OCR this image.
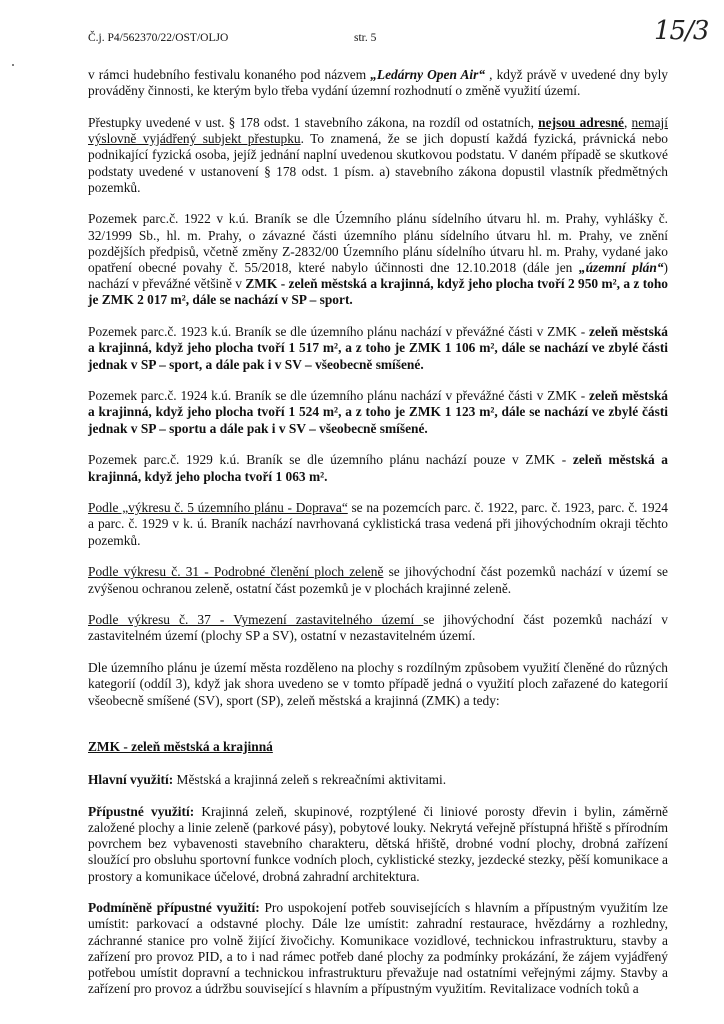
Č.j. P4/562370/22/OST/OLJO	str. 5	15/3

v rámci hudebního festivalu konaného pod názvem „Ledárny Open Air“ , když právě v uvedené dny byly prováděny činnosti, ke kterým bylo třeba vydání územní rozhodnutí o změně využití území.

Přestupky uvedené v ust. § 178 odst. 1 stavebního zákona, na rozdíl od ostatních, nejsou adresné, nemají výslovně vyjádřený subjekt přestupku. To znamená, že se jich dopustí každá fyzická, právnická nebo podnikající fyzická osoba, jejíž jednání naplní uvedenou skutkovou podstatu. V daném případě se skutkové podstaty uvedené v ustanovení § 178 odst. 1 písm. a) stavebního zákona dopustil vlastník předmětných pozemků.

Pozemek parc.č. 1922 v k.ú. Braník se dle Územního plánu sídelního útvaru hl. m. Prahy, vyhlášky č. 32/1999 Sb., hl. m. Prahy, o závazné části územního plánu sídelního útvaru hl. m. Prahy, ve znění pozdějších předpisů, včetně změny Z-2832/00 Územního plánu sídelního útvaru hl. m. Prahy, vydané jako opatření obecné povahy č. 55/2018, které nabylo účinnosti dne 12.10.2018 (dále jen „územní plán“) nachází v převážné většině v ZMK - zeleň městská a krajinná, když jeho plocha tvoří 2 950 m², a z toho je ZMK 2 017 m², dále se nachází v SP – sport.

Pozemek parc.č. 1923 k.ú. Braník se dle územního plánu nachází v převážné části v ZMK - zeleň městská a krajinná, když jeho plocha tvoří 1 517 m², a z toho je ZMK 1 106 m², dále se nachází ve zbylé části jednak v SP – sport, a dále pak i v SV – všeobecně smíšené.

Pozemek parc.č. 1924 k.ú. Braník se dle územního plánu nachází v převážné části v ZMK - zeleň městská a krajinná, když jeho plocha tvoří 1 524 m², a z toho je ZMK 1 123 m², dále se nachází ve zbylé části jednak v SP – sportu a dále pak i v SV – všeobecně smíšené.

Pozemek parc.č. 1929 k.ú. Braník se dle územního plánu nachází pouze v ZMK - zeleň městská a krajinná, když jeho plocha tvoří 1 063 m².

Podle „výkresu č. 5 územního plánu - Doprava“ se na pozemcích parc. č. 1922, parc. č. 1923, parc. č. 1924 a parc. č. 1929 v k. ú. Braník nachází navrhovaná cyklistická trasa vedená při jihovýchodním okraji těchto pozemků.

Podle výkresu č. 31 - Podrobné členění ploch zeleně se jihovýchodní část pozemků nachází v území se zvýšenou ochranou zeleně, ostatní část pozemků je v plochách krajinné zeleně.

Podle výkresu č. 37 - Vymezení zastavitelného území se jihovýchodní část pozemků nachází v zastavitelném území (plochy SP a SV), ostatní v nezastavitelném území.

Dle územního plánu je území města rozděleno na plochy s rozdílným způsobem využití členěné do různých kategorií (oddíl 3), když jak shora uvedeno se v tomto případě jedná o využití ploch zařazené do kategorií všeobecně smíšené (SV), sport (SP), zeleň městská a krajinná (ZMK) a tedy:

ZMK - zeleň městská a krajinná

Hlavní využití: Městská a krajinná zeleň s rekreačními aktivitami.

Přípustné využití: Krajinná zeleň, skupinové, rozptýlené či liniové porosty dřevin i bylin, záměrně založené plochy a linie zeleně (parkové pásy), pobytové louky. Nekrytá veřejně přístupná hřiště s přírodním povrchem bez vybavenosti stavebního charakteru, dětská hřiště, drobné vodní plochy, drobná zařízení sloužící pro obsluhu sportovní funkce vodních ploch, cyklistické stezky, jezdecké stezky, pěší komunikace a prostory a komunikace účelové, drobná zahradní architektura.

Podmíněně přípustné využití: Pro uspokojení potřeb souvisejících s hlavním a přípustným využitím lze umístit: parkovací a odstavné plochy. Dále lze umístit: zahradní restaurace, hvězdárny a rozhledny, záchranné stanice pro volně žijící živočichy. Komunikace vozidlové, technickou infrastrukturu, stavby a zařízení pro provoz PID, a to i nad rámec potřeb dané plochy za podmínky prokázání, že zájem vyjádřený potřebou umístit dopravní a technickou infrastrukturu převažuje nad ostatními veřejnými zájmy. Stavby a zařízení pro provoz a údržbu související s hlavním a přípustným využitím. Revitalizace vodních toků a
